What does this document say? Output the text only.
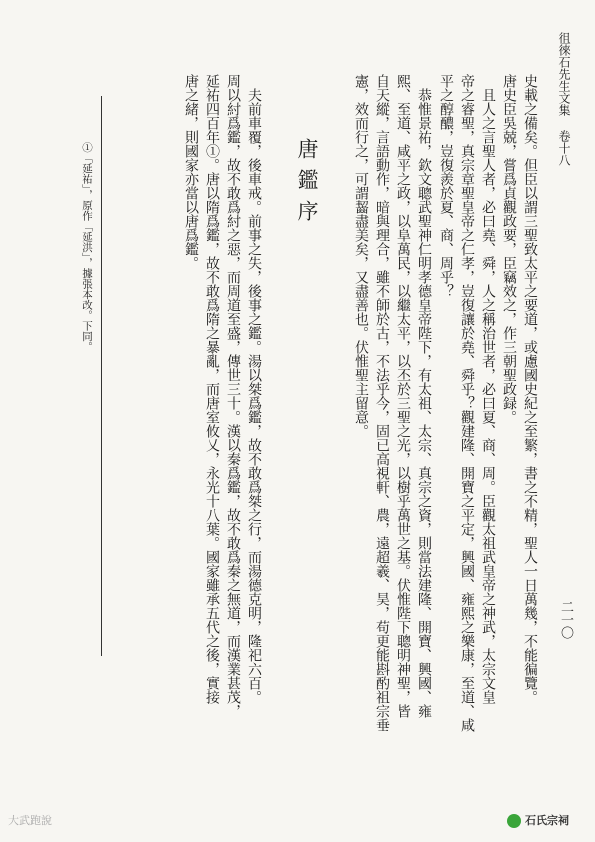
徂徠石先生文集 卷十八
二一〇
史載之備矣。但臣以謂三聖致太平之要道，或慮國史紀之至繁，書之不精，聖人一日萬幾，不能徧覽。
唐史臣吳兢，嘗爲貞觀政要，臣竊效之，作三朝聖政録。
且人之言聖人者，必曰堯、舜，人之稱治世者，必曰夏、商、周。臣觀太祖武皇帝之神武，太宗文皇
帝之睿聖，真宗章聖皇帝之仁孝，豈復讓於堯、舜乎？觀建隆、開寶之平定，興國、雍熙之樂康，至道、咸
平之醇醲，豈復羨於夏、商、周乎？
恭惟景祐，欽文聰武聖神仁明孝德皇帝陛下，有太祖、太宗、真宗之資，則當法建隆、開寶、興國、雍
熙、至道、咸平之政，以阜萬民，以繼太平，以丕於三聖之光，以樹乎萬世之基。伏惟陛下聰明神聖，皆
自天縱，言語動作，暗與理合，雖不師於古，不法乎今，固已高視軒、農，遠超羲、昊，苟更能斟酌祖宗垂
憲，效而行之，可謂齧盡美矣，又盡善也。伏惟聖主留意。
唐鑑序
夫前車覆，後車戒。前事之失，後事之鑑。湯以桀爲鑑，故不敢爲桀之行，而湯德克明，隆祀六百。
周以紂爲鑑，故不敢爲紂之惡，而周道至盛，傳世三十。漢以秦爲鑑，故不敢爲秦之無道，而漢業甚茂，
延祐四百年①。唐以隋爲鑑，故不敢爲隋之暴亂，而唐室攸乂，永光十八葉。國家雖承五代之後，實接
唐之緒，則國家亦當以唐爲鑑。
①「延祐」，原作「延洪」，據張本改。下同。
大武跑說	石氏宗祠
